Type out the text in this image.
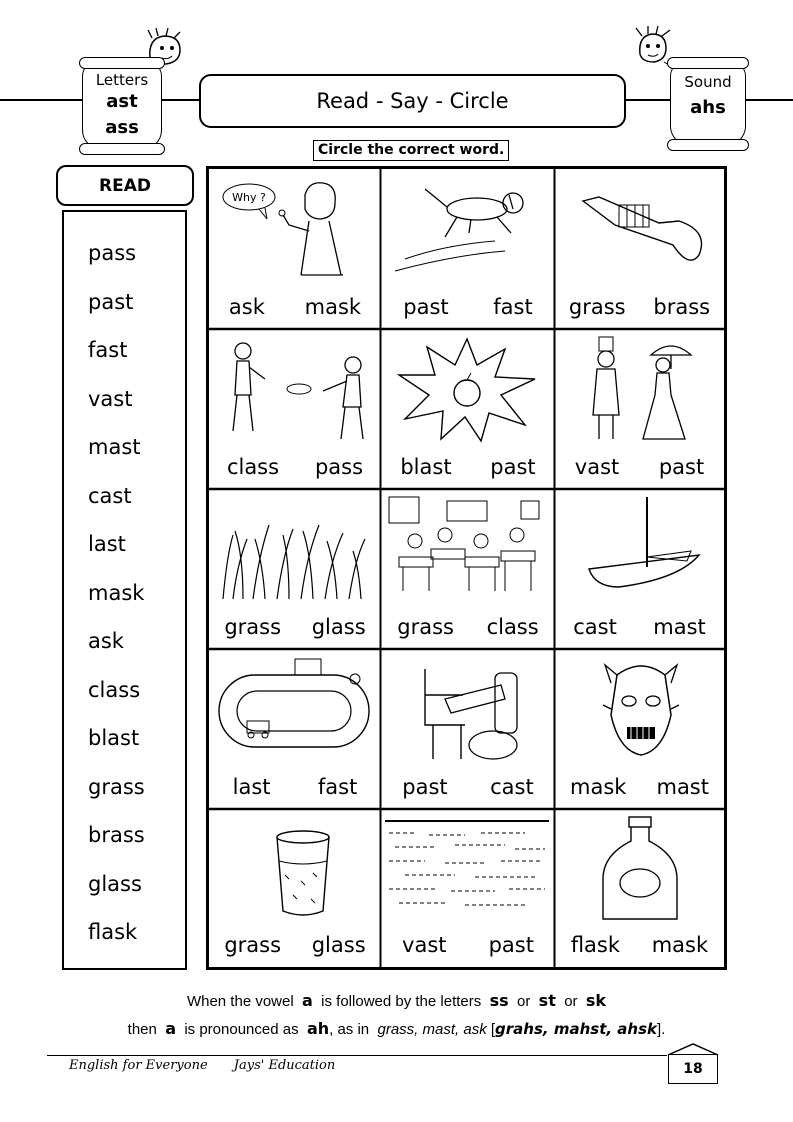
Letters
ast
ass
Read - Say - Circle
Sound
ahs
Circle the correct word.
READ
pass
past
fast
vast
mast
cast
last
mask
ask
class
blast
grass
brass
glass
flask
Why ?
ask mask past fast grass brass
class pass blast past vast past
grass glass grass class cast mast
last fast past cast mask mast
grass glass vast past flask mask
When the vowel a is followed by the letters ss or st or sk
then a is pronounced as ah, as in grass, mast, ask [grahs, mahst, ahsk].
English for Everyone Jays' Education	18
